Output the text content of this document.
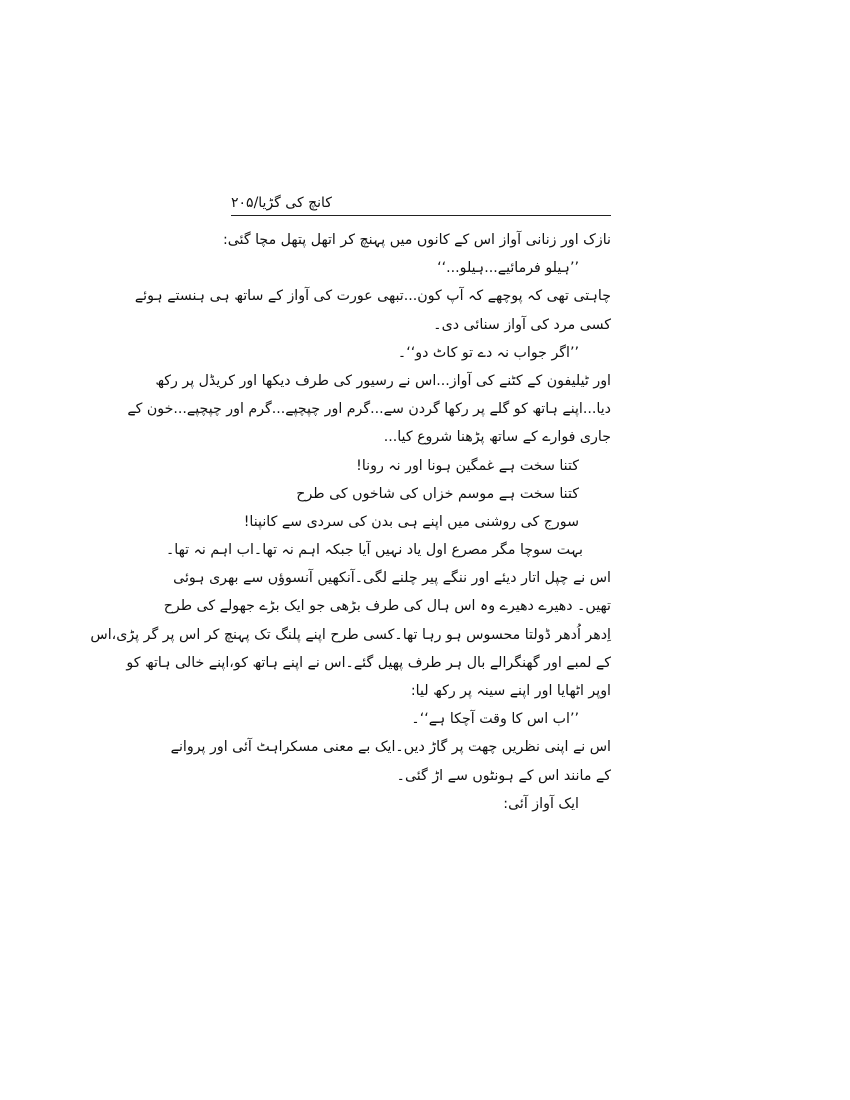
کانچ کی گڑیا/۲۰۵
نازک اور زنانی آواز اس کے کانوں میں پہنچ کر اتھل پتھل مچا گئی:
’’ہیلو فرمائیے...ہیلو...‘‘
چاہتی تھی کہ پوچھے کہ آپ کون...تبھی عورت کی آواز کے ساتھ ہی ہنستے ہوئے
کسی مرد کی آواز سنائی دی۔
’’اگر جواب نہ دے تو کاٹ دو‘‘۔
اور ٹیلیفون کے کٹنے کی آواز...اس نے رسیور کی طرف دیکھا اور کریڈل پر رکھ
دیا...اپنے ہاتھ کو گلے پر رکھا گردن سے...گرم اور چپچپے...گرم اور چپچپے...خون کے
جاری فوارے کے ساتھ پڑھنا شروع کیا...
کتنا سخت ہے غمگین ہونا اور نہ رونا!
کتنا سخت ہے موسم خزاں کی شاخوں کی طرح
سورج کی روشنی میں اپنے ہی بدن کی سردی سے کانپنا!
بہت سوچا مگر مصرع اول یاد نہیں آیا جبکہ اہم نہ تھا۔اب اہم نہ تھا۔
اس نے چپل اتار دیئے اور ننگے پیر چلنے لگی۔آنکھیں آنسوؤں سے بھری ہوئی
تھیں۔ دھیرے دھیرے وہ اس ہال کی طرف بڑھی جو ایک بڑے جھولے کی طرح
اِدھر اُدھر ڈولتا محسوس ہو رہا تھا۔کسی طرح اپنے پلنگ تک پہنچ کر اس پر گر پڑی،اس
کے لمبے اور گھنگرالے بال ہر طرف پھیل گئے۔اس نے اپنے ہاتھ کو،اپنے خالی ہاتھ کو
اوپر اٹھایا اور اپنے سینہ پر رکھ لیا:
’’اب اس کا وقت آچکا ہے‘‘۔
اس نے اپنی نظریں چھت پر گاڑ دیں۔ایک بے معنی مسکراہٹ آئی اور پروانے
کے مانند اس کے ہونٹوں سے اڑ گئی۔
ایک آواز آئی:
